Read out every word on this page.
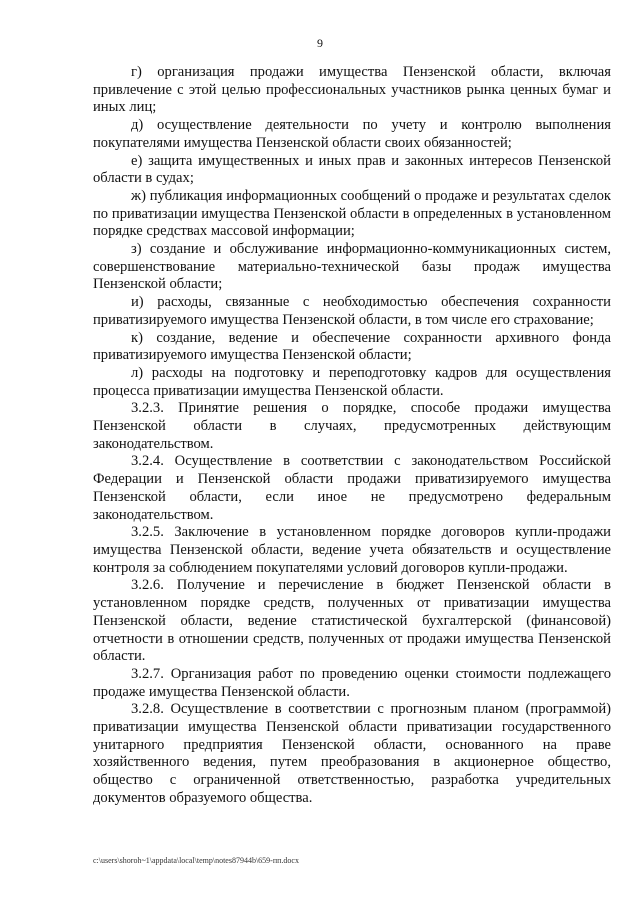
9

г) организация продажи имущества Пензенской области, включая привлечение с этой целью профессиональных участников рынка ценных бумаг и иных лиц;

д) осуществление деятельности по учету и контролю выполнения покупателями имущества Пензенской области своих обязанностей;

е) защита имущественных и иных прав и законных интересов Пензенской области в судах;

ж) публикация информационных сообщений о продаже и результатах сделок по приватизации имущества Пензенской области в определенных в установленном порядке средствах массовой информации;

з) создание и обслуживание информационно-коммуникационных систем, совершенствование материально-технической базы продаж имущества Пензенской области;

и) расходы, связанные с необходимостью обеспечения сохранности приватизируемого имущества Пензенской области, в том числе его страхование;

к) создание, ведение и обеспечение сохранности архивного фонда приватизируемого имущества Пензенской области;

л) расходы на подготовку и переподготовку кадров для осуществления процесса приватизации имущества Пензенской области.

3.2.3. Принятие решения о порядке, способе продажи имущества Пензенской области в случаях, предусмотренных действующим законодательством.

3.2.4. Осуществление в соответствии с законодательством Российской Федерации и Пензенской области продажи приватизируемого имущества Пензенской области, если иное не предусмотрено федеральным законодательством.

3.2.5. Заключение в установленном порядке договоров купли-продажи имущества Пензенской области, ведение учета обязательств и осуществление контроля за соблюдением покупателями условий договоров купли-продажи.

3.2.6. Получение и перечисление в бюджет Пензенской области в установленном порядке средств, полученных от приватизации имущества Пензенской области, ведение статистической бухгалтерской (финансовой) отчетности в отношении средств, полученных от продажи имущества Пензенской области.

3.2.7. Организация работ по проведению оценки стоимости подлежащего продаже имущества Пензенской области.

3.2.8. Осуществление в соответствии с прогнозным планом (программой) приватизации имущества Пензенской области приватизации государственного унитарного предприятия Пензенской области, основанного на праве хозяйственного ведения, путем преобразования в акционерное общество, общество с ограниченной ответственностью, разработка учредительных документов образуемого общества.

c:\users\shoroh~1\appdata\local\temp\notes87944b\659-пп.docx
